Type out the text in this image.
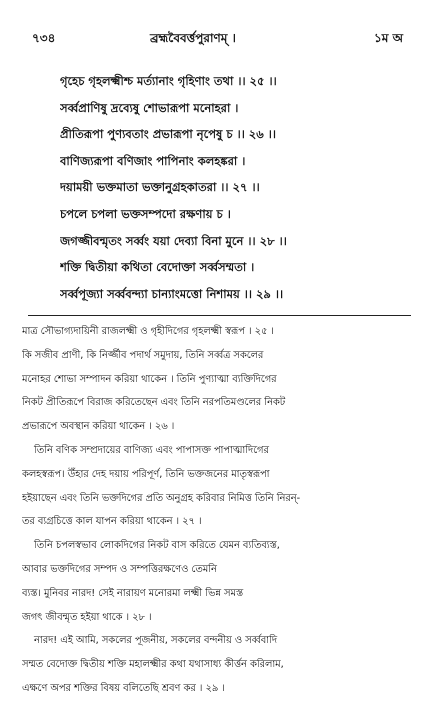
৭৩৪	ব্রহ্মবৈবর্ত্তপুরাণম্‌ ।	১ম অ
গৃহেচ গৃহলক্ষ্মীশ্চ মর্ত্যানাং গৃহিণাং তথা ।। ২৫ ।।
সর্ব্বপ্রাণিষু দ্রব্যেষু শোভারূপা মনোহরা ।
প্রীতিরূপা পুণ্যবতাং প্রভারূপা নৃপেষু চ ।। ২৬ ।।
বাণিজ্যরূপা বণিজাং পাপিনাং কলহঙ্করা ।
দয়াময়ী ভক্তমাতা ভক্তানুগ্রহকাতরা ।। ২৭ ।।
চপলে চপলা ভক্তসম্পদো রক্ষণায় চ ।
জগজ্জীবন্মৃতং সর্ব্বং যয়া দেব্যা বিনা মুনে ।। ২৮ ।।
শক্তি দ্বিতীয়া কথিতা বেদোক্তা সর্ব্বসম্মতা ।
সর্ব্বপূজ্যা সর্ব্ববন্দ্যা চান্যাংমত্তো নিশাময় ।। ২৯ ।।
মাত্র সৌভাগ্যদায়িনী রাজলক্ষ্মী ও গৃহীদিগের গৃহলক্ষ্মী স্বরূপ । ২৫ ।
কি সজীব প্রাণী, কি নির্জ্জীব পদার্থ সমুদায়, তিনি সর্ব্বত্র সকলের
মনোহর শোভা সম্পাদন করিয়া থাকেন । তিনি পুণ্যাত্মা ব্যক্তিদিগের
নিকট প্রীতিরূপে বিরাজ করিতেছেন এবং তিনি নরপতিমণ্ডলের নিকট
প্রভারূপে অবস্থান করিয়া থাকেন । ২৬ ।
তিনি বণিক সম্প্রদায়ের বাণিজ্য এবং পাপাসক্ত পাপাত্মাদিগের
কলহস্বরূপ। উঁহার দেহ দয়ায় পরিপূর্ণ, তিনি ভক্তজনের মাতৃস্বরূপা
হইয়াছেন এবং তিনি ভক্তদিগের প্রতি অনুগ্রহ করিবার নিমিত্ত তিনি নিরন্-
তর ব্যগ্রচিত্তে কাল যাপন করিয়া থাকেন । ২৭ ।
তিনি চপলস্বভাব লোকদিগের নিকট বাস করিতে যেমন ব্যতিব্যস্ত,
আবার ভক্তদিগের সম্পদ ও সম্পত্তিরক্ষণেও তেমনি
ব্যস্ত। মুনিবর নারদ! সেই নারায়ণ মনোরমা লক্ষ্মী ভিন্ন সমস্ত
জগৎ জীবন্মৃত হইয়া থাকে । ২৮ ।
নারদ! এই আমি, সকলের পূজনীয়, সকলের বন্দনীয় ও সর্ব্ববাদি
সম্মত বেদোক্ত দ্বিতীয় শক্তি মহালক্ষ্মীর কথা যথাসাধ্য কীর্ত্তন করিলাম,
এক্ষণে অপর শক্তির বিষয় বলিতেছি শ্রবণ কর । ২৯ ।
